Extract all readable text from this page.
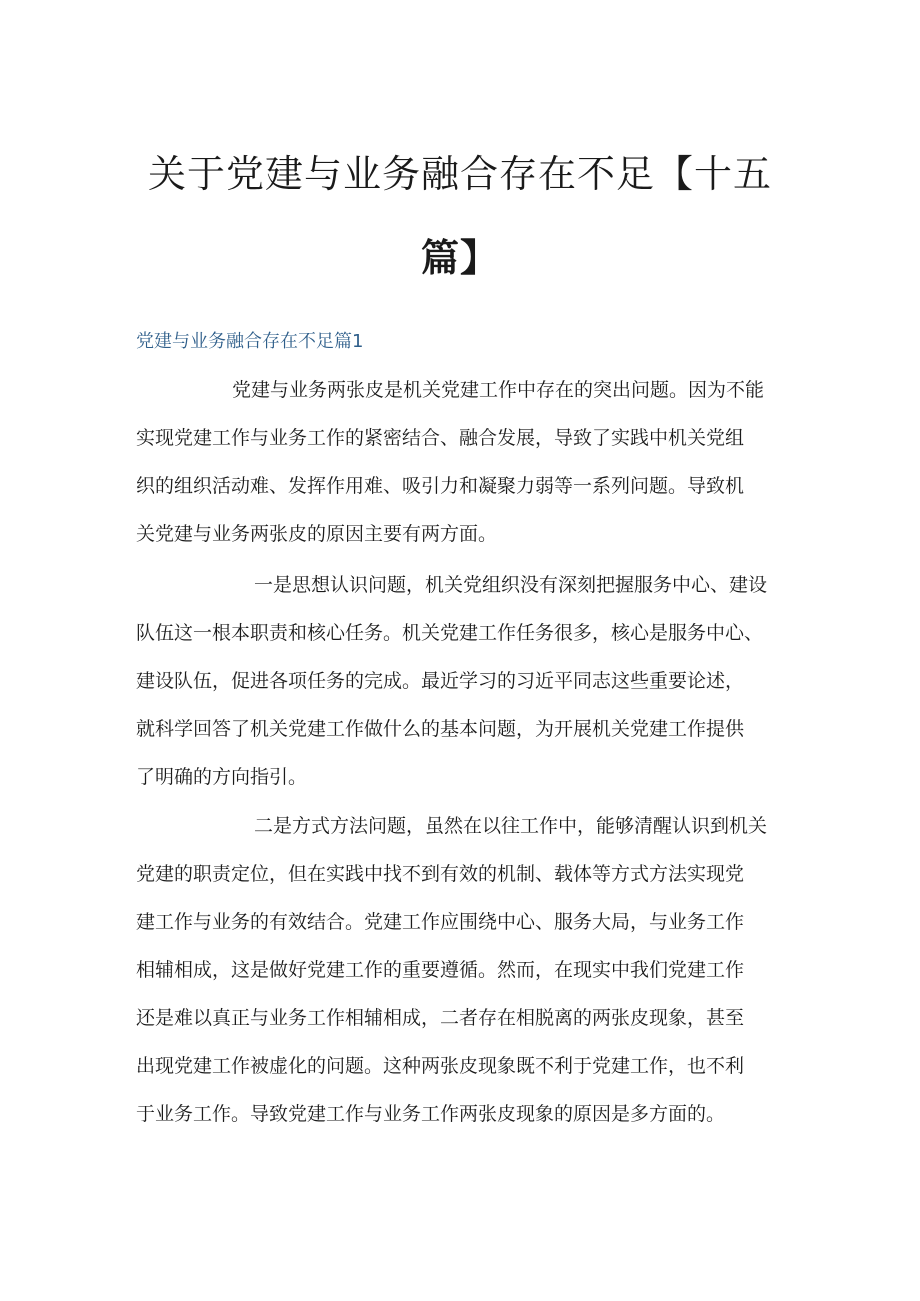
关于党建与业务融合存在不足【十五
篇】
党建与业务融合存在不足篇1
党建与业务两张皮是机关党建工作中存在的突出问题。因为不能
实现党建工作与业务工作的紧密结合、融合发展，导致了实践中机关党组
织的组织活动难、发挥作用难、吸引力和凝聚力弱等一系列问题。导致机
关党建与业务两张皮的原因主要有两方面。
一是思想认识问题，机关党组织没有深刻把握服务中心、建设
队伍这一根本职责和核心任务。机关党建工作任务很多，核心是服务中心、
建设队伍，促进各项任务的完成。最近学习的习近平同志这些重要论述，
就科学回答了机关党建工作做什么的基本问题，为开展机关党建工作提供
了明确的方向指引。
二是方式方法问题，虽然在以往工作中，能够清醒认识到机关
党建的职责定位，但在实践中找不到有效的机制、载体等方式方法实现党
建工作与业务的有效结合。党建工作应围绕中心、服务大局，与业务工作
相辅相成，这是做好党建工作的重要遵循。然而，在现实中我们党建工作
还是难以真正与业务工作相辅相成，二者存在相脱离的两张皮现象，甚至
出现党建工作被虚化的问题。这种两张皮现象既不利于党建工作，也不利
于业务工作。导致党建工作与业务工作两张皮现象的原因是多方面的。
